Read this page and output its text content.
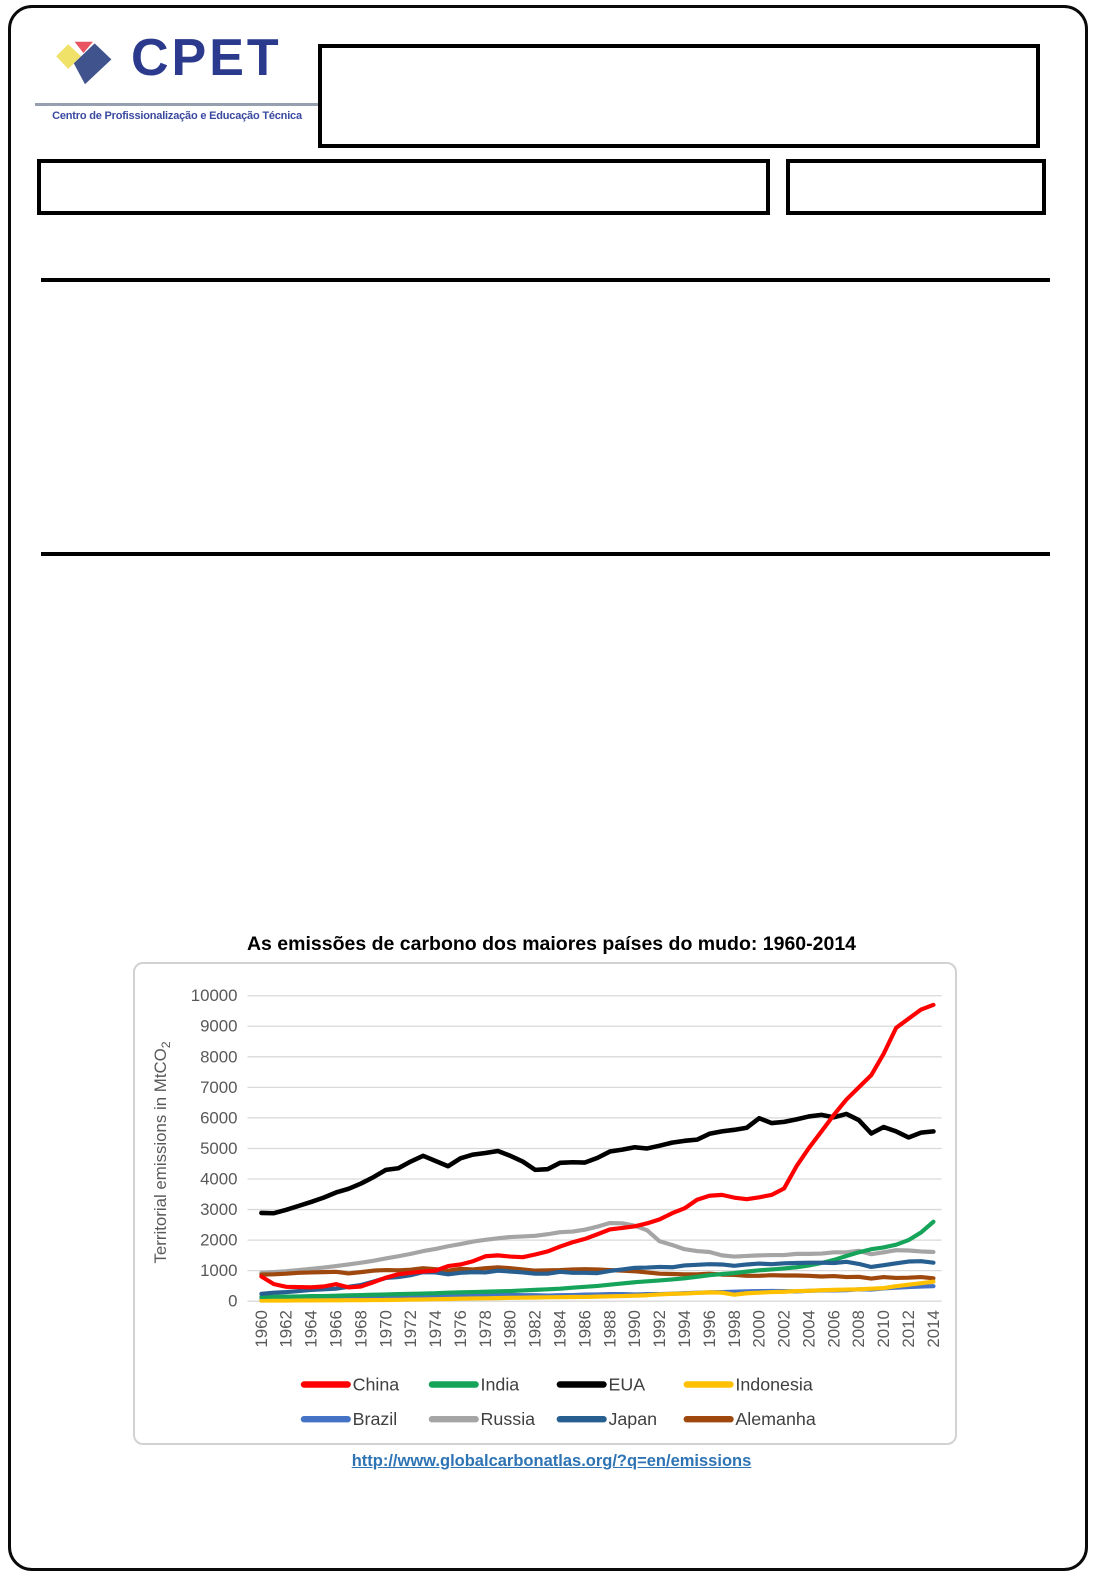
CPET
Centro de Profissionalização e Educação Técnica
As emissões de carbono dos maiores países do mudo: 1960-2014
0
1000
2000
3000
4000
5000
6000
7000
8000
9000
10000
Territorial emissions in MtCO$_2$
1960 1962 1964 1966 1968 1970 1972 1974 1976 1978 1980 1982 1984 1986 1988 1990 1992 1994 1996 1998 2000 2002 2004 2006 2008 2010 2012 2014
China	India	EUA	Indonesia
Brazil	Russia	Japan	Alemanha
http://www.globalcarbonatlas.org/?q=en/emissions
